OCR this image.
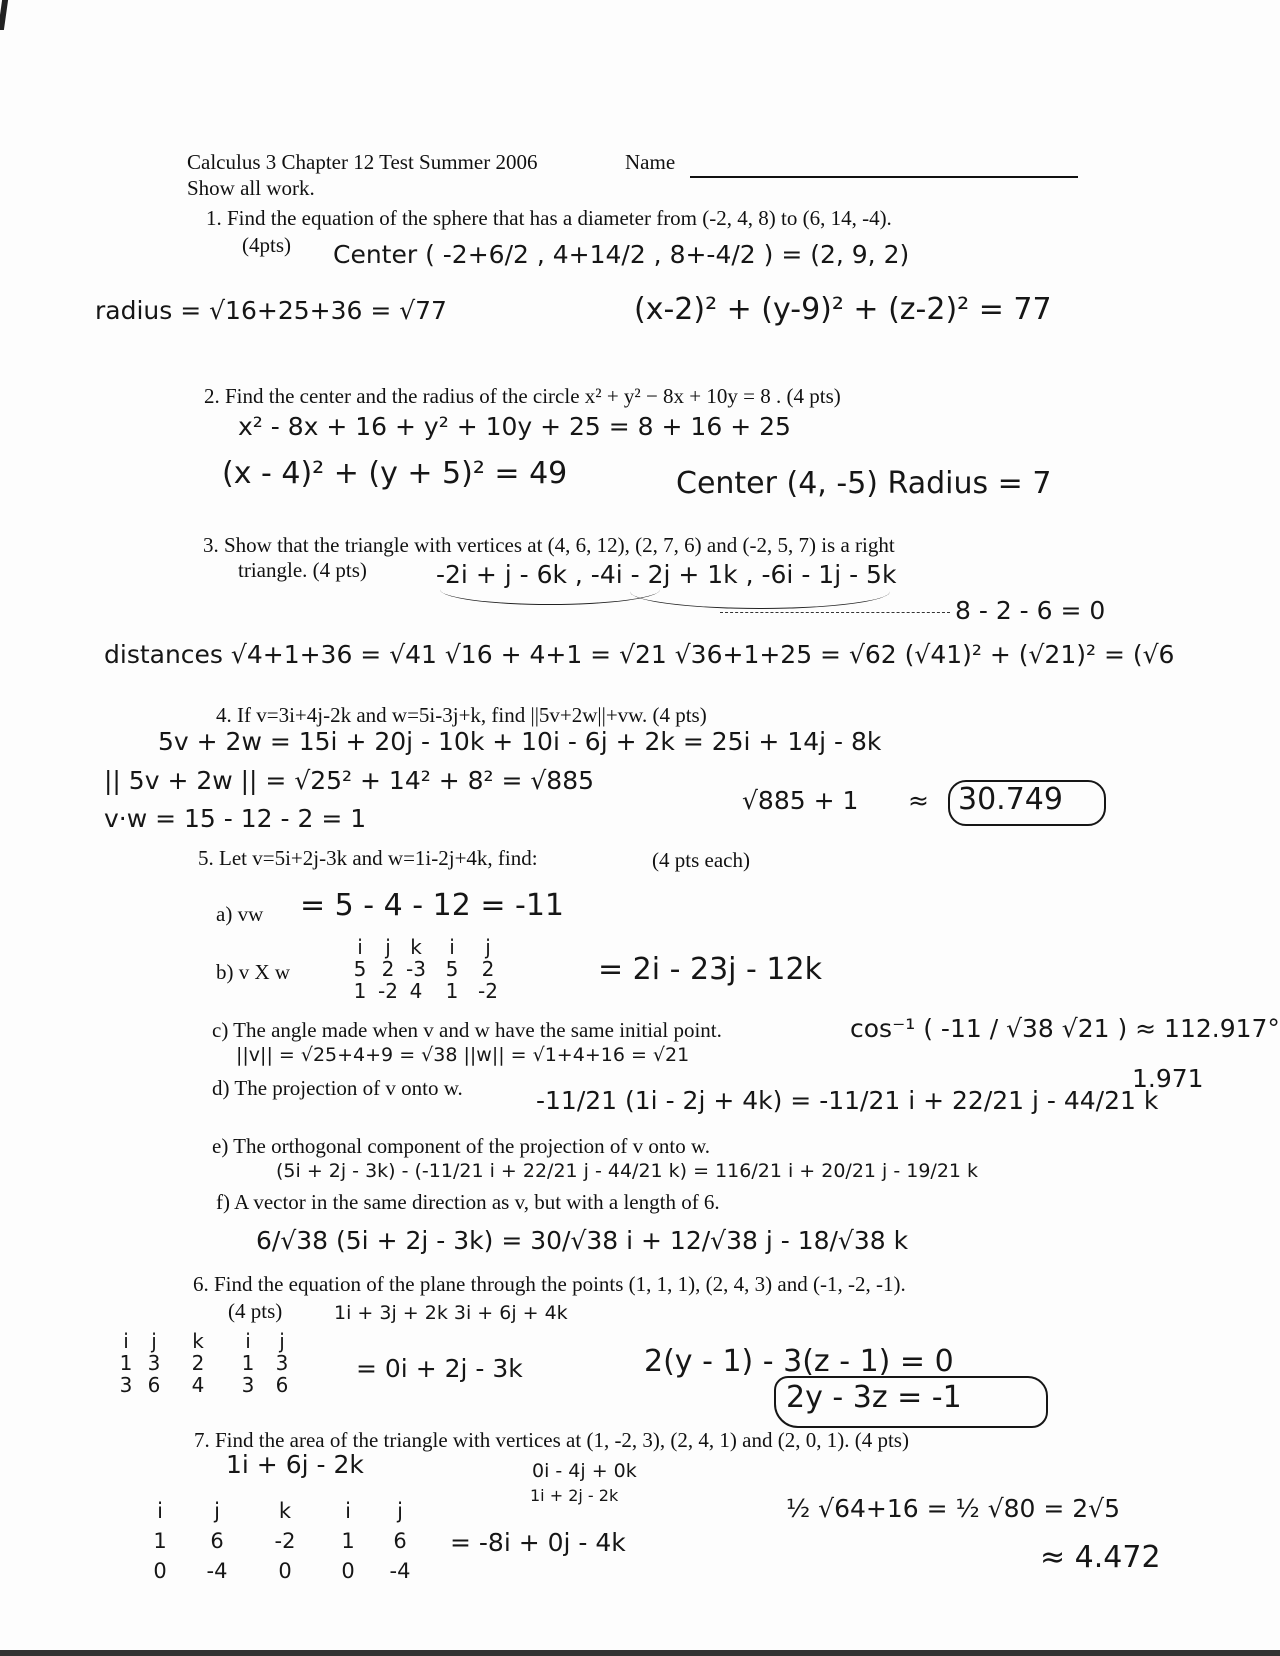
Calculus 3 Chapter 12 Test Summer 2006	Name
Show all work.
1. Find the equation of the sphere that has a diameter from (-2, 4, 8) to (6, 14, -4).
(4pts) Center ( -2+6/2 , 4+14/2 , 8+-4/2 ) = (2, 9, 2)
radius = √16+25+36 = √77	(x-2)² + (y-9)² + (z-2)² = 77
2. Find the center and the radius of the circle x² + y² − 8x + 10y = 8 . (4 pts)
x² - 8x + 16 + y² + 10y + 25 = 8 + 16 + 25
(x - 4)² + (y + 5)² = 49	Center (4, -5) Radius = 7
3. Show that the triangle with vertices at (4, 6, 12), (2, 7, 6) and (-2, 5, 7) is a right
triangle. (4 pts)	-2i + j - 6k , -4i - 2j + 1k , -6i - 1j - 5k
8 - 2 - 6 = 0
distances √4+1+36 = √41 √16 + 4+1 = √21 √36+1+25 = √62 (√41)² + (√21)² = (√6
4. If v=3i+4j-2k and w=5i-3j+k, find ||5v+2w||+vw. (4 pts)
5v + 2w = 15i + 20j - 10k + 10i - 6j + 2k = 25i + 14j - 8k
|| 5v + 2w || = √25² + 14² + 8² = √885
√885 + 1 ≈ 30.749
v·w = 15 - 12 - 2 = 1
5. Let v=5i+2j-3k and w=1i-2j+4k, find:	(4 pts each)
a) vw = 5 - 4 - 12 = -11
b) v X w
i j k i j
5 2 -3 5 2
1 -2 4 1 -2
= 2i - 23j - 12k
c) The angle made when v and w have the same initial point.	cos⁻¹ ( -11 / √38 √21 ) ≈ 112.917°
||v|| = √25+4+9 = √38 ||w|| = √1+4+16 = √21
1.971
d) The projection of v onto w.	-11/21 (1i - 2j + 4k) = -11/21 i + 22/21 j - 44/21 k
e) The orthogonal component of the projection of v onto w.
(5i + 2j - 3k) - (-11/21 i + 22/21 j - 44/21 k) = 116/21 i + 20/21 j - 19/21 k
f) A vector in the same direction as v, but with a length of 6.
6/√38 (5i + 2j - 3k) = 30/√38 i + 12/√38 j - 18/√38 k
6. Find the equation of the plane through the points (1, 1, 1), (2, 4, 3) and (-1, -2, -1).
(4 pts)	1i + 3j + 2k 3i + 6j + 4k
i j k i j
1 3 2 1 3
3 6 4 3 6
= 0i + 2j - 3k	2(y - 1) - 3(z - 1) = 0
2y - 3z = -1
7. Find the area of the triangle with vertices at (1, -2, 3), (2, 4, 1) and (2, 0, 1). (4 pts)
1i + 6j - 2k	0i - 4j + 0k
1i + 2j - 2k
i j	k	i j
1 6 -2 1 6
0 -4 0 0 -4
= -8i + 0j - 4k
½ √64+16 = ½ √80 = 2√5
≈ 4.472
